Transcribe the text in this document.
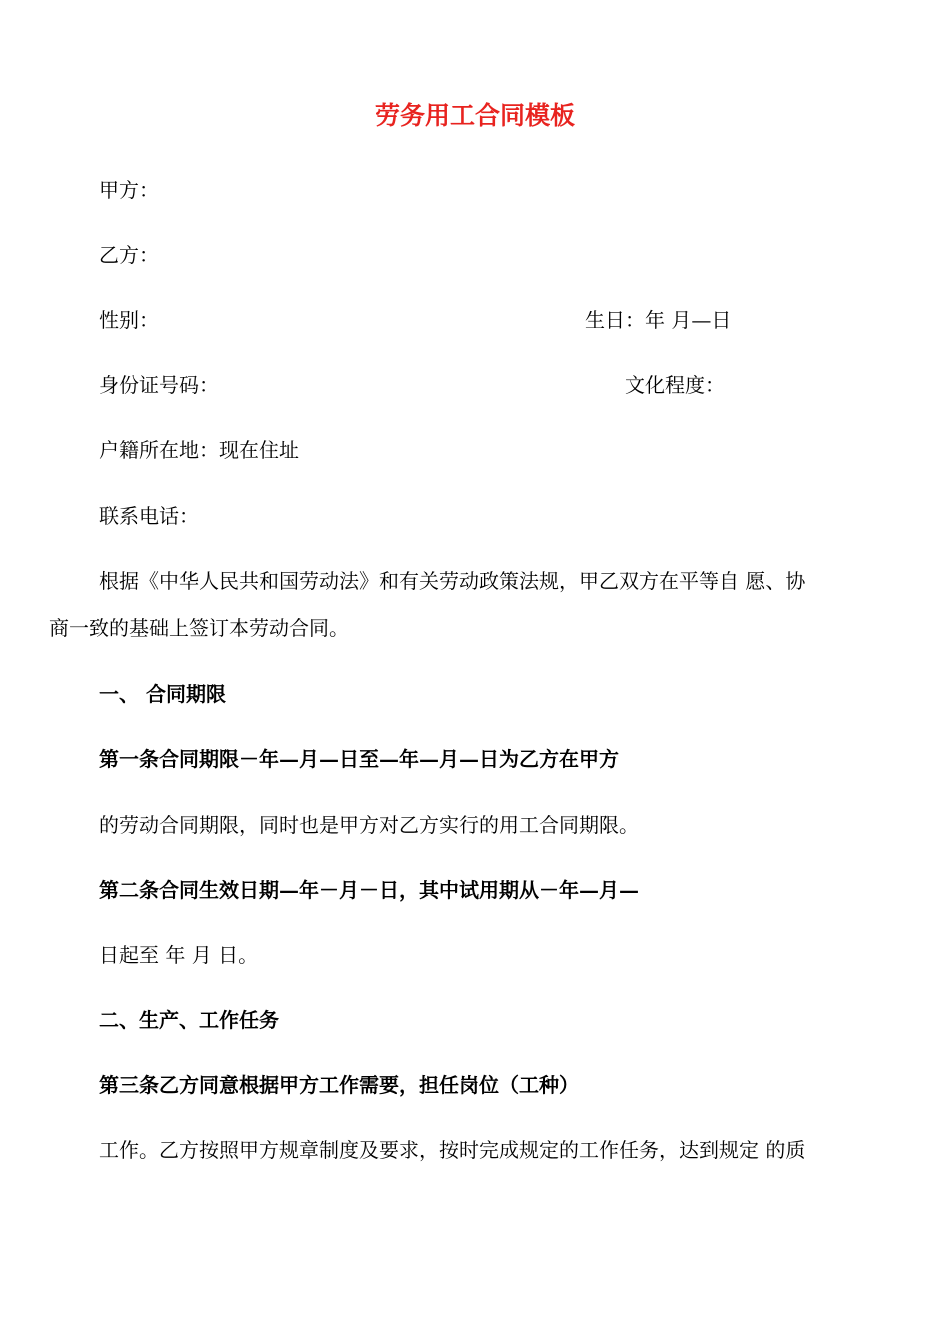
劳务用工合同模板
甲方：
乙方：
性别：	生日：年 月—日
身份证号码：	文化程度：
户籍所在地：现在住址
联系电话：
根据《中华人民共和国劳动法》和有关劳动政策法规，甲乙双方在平等自 愿、协
商一致的基础上签订本劳动合同。
一、 合同期限
第一条合同期限－年—月—日至—年—月—日为乙方在甲方
的劳动合同期限，同时也是甲方对乙方实行的用工合同期限。
第二条合同生效日期—年－月－日，其中试用期从－年—月—
日起至 年 月 日。
二、生产、工作任务
第三条乙方同意根据甲方工作需要，担任岗位（工种）
工作。乙方按照甲方规章制度及要求，按时完成规定的工作任务，达到规定 的质
